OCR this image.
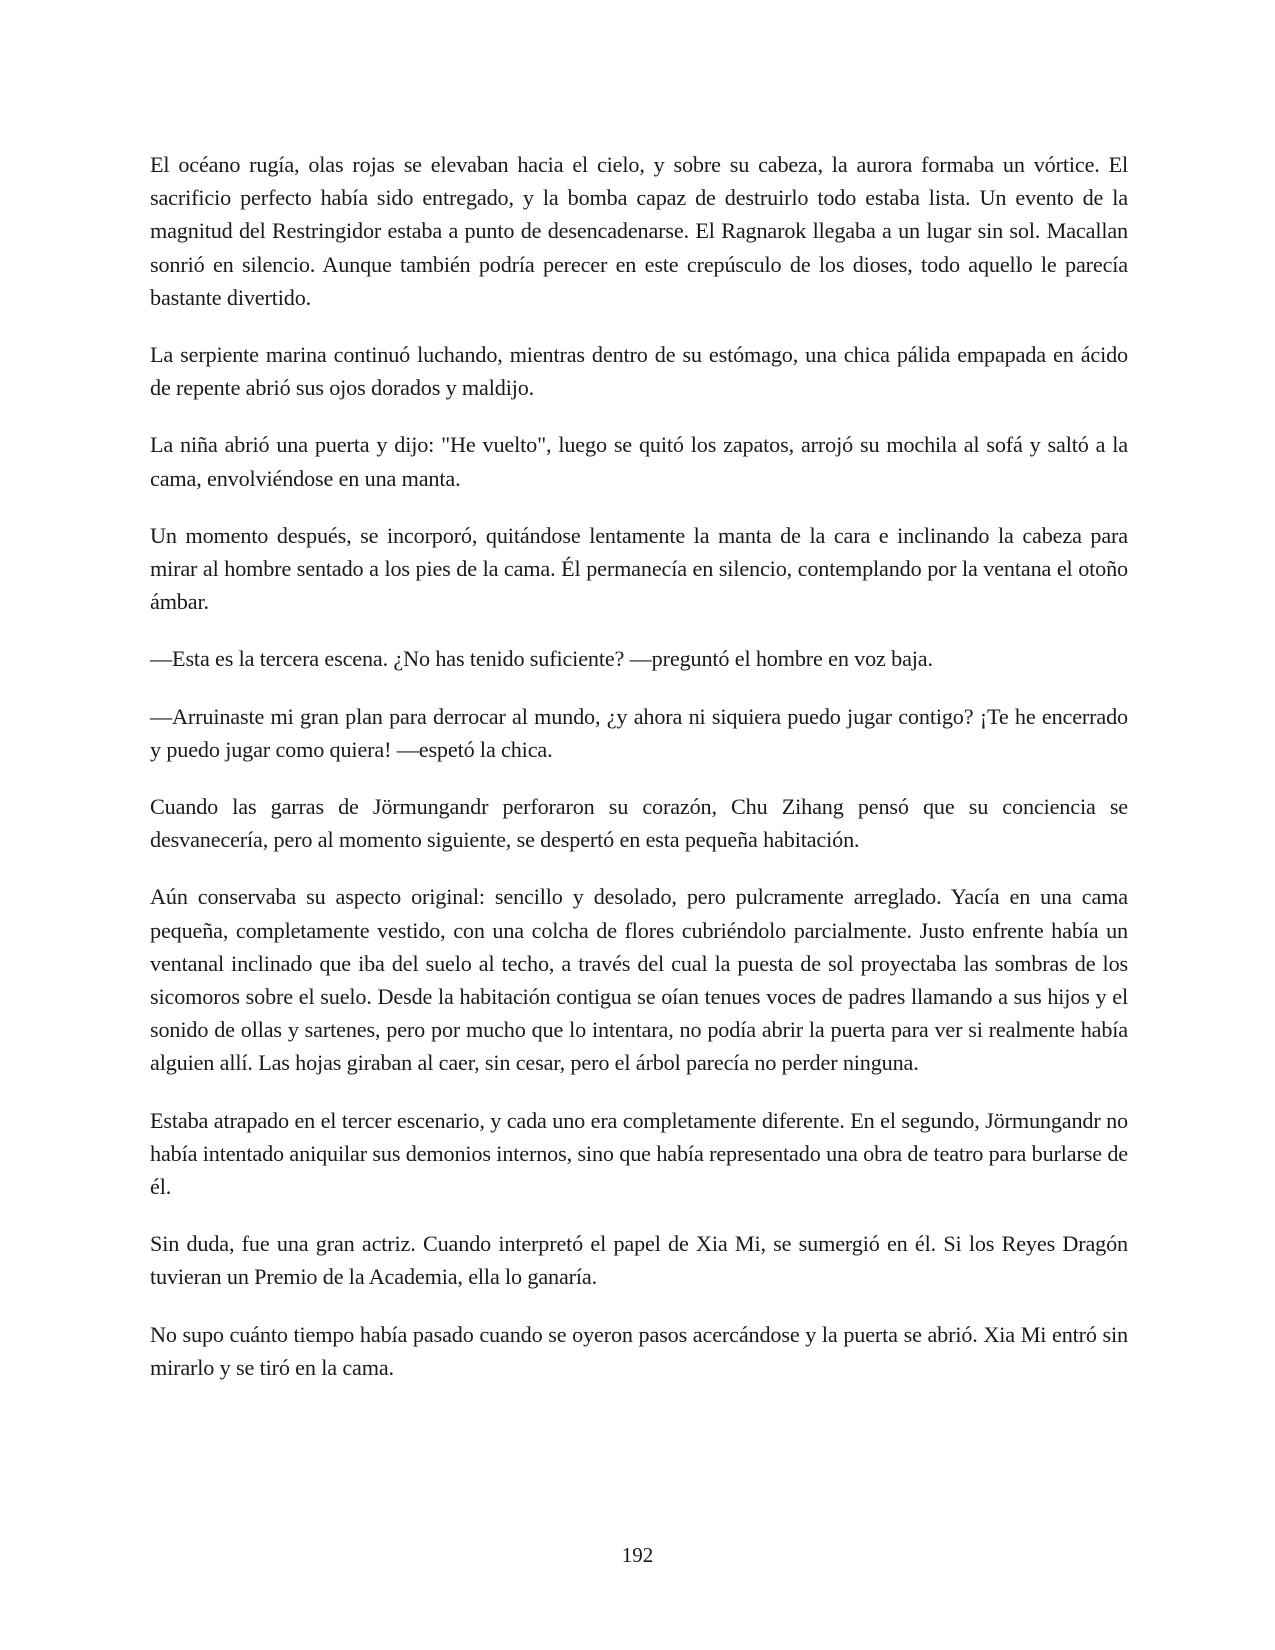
El océano rugía, olas rojas se elevaban hacia el cielo, y sobre su cabeza, la aurora formaba un vórtice. El sacrificio perfecto había sido entregado, y la bomba capaz de destruirlo todo estaba lista. Un evento de la magnitud del Restringidor estaba a punto de desencadenarse. El Ragnarok llegaba a un lugar sin sol. Macallan sonrió en silencio. Aunque también podría perecer en este crepúsculo de los dioses, todo aquello le parecía bastante divertido.

La serpiente marina continuó luchando, mientras dentro de su estómago, una chica pálida empapada en ácido de repente abrió sus ojos dorados y maldijo.

La niña abrió una puerta y dijo: "He vuelto", luego se quitó los zapatos, arrojó su mochila al sofá y saltó a la cama, envolviéndose en una manta.

Un momento después, se incorporó, quitándose lentamente la manta de la cara e inclinando la cabeza para mirar al hombre sentado a los pies de la cama. Él permanecía en silencio, contemplando por la ventana el otoño ámbar.

—Esta es la tercera escena. ¿No has tenido suficiente? —preguntó el hombre en voz baja.

—Arruinaste mi gran plan para derrocar al mundo, ¿y ahora ni siquiera puedo jugar contigo? ¡Te he encerrado y puedo jugar como quiera! —espetó la chica.

Cuando las garras de Jörmungandr perforaron su corazón, Chu Zihang pensó que su conciencia se desvanecería, pero al momento siguiente, se despertó en esta pequeña habitación.

Aún conservaba su aspecto original: sencillo y desolado, pero pulcramente arreglado. Yacía en una cama pequeña, completamente vestido, con una colcha de flores cubriéndolo parcialmente. Justo enfrente había un ventanal inclinado que iba del suelo al techo, a través del cual la puesta de sol proyectaba las sombras de los sicomoros sobre el suelo. Desde la habitación contigua se oían tenues voces de padres llamando a sus hijos y el sonido de ollas y sartenes, pero por mucho que lo intentara, no podía abrir la puerta para ver si realmente había alguien allí. Las hojas giraban al caer, sin cesar, pero el árbol parecía no perder ninguna.

Estaba atrapado en el tercer escenario, y cada uno era completamente diferente. En el segundo, Jörmungandr no había intentado aniquilar sus demonios internos, sino que había representado una obra de teatro para burlarse de él.

Sin duda, fue una gran actriz. Cuando interpretó el papel de Xia Mi, se sumergió en él. Si los Reyes Dragón tuvieran un Premio de la Academia, ella lo ganaría.

No supo cuánto tiempo había pasado cuando se oyeron pasos acercándose y la puerta se abrió. Xia Mi entró sin mirarlo y se tiró en la cama.

192
